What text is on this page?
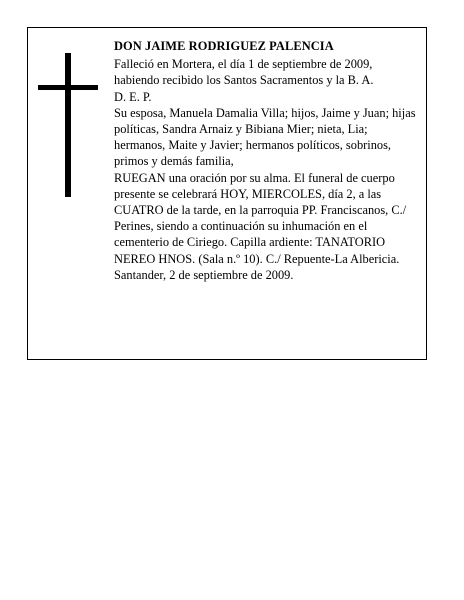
DON JAIME RODRIGUEZ PALENCIA

Falleció en Mortera, el día 1 de septiembre de 2009, habiendo recibido los Santos Sacramentos y la B. A.

D. E. P.

Su esposa, Manuela Damalia Villa; hijos, Jaime y Juan; hijas políticas, Sandra Arnaiz y Bibiana Mier; nieta, Lia; hermanos, Maite y Javier; hermanos políticos, sobrinos, primos y demás familia,

RUEGAN una oración por su alma. El funeral de cuerpo presente se celebrará HOY, MIERCOLES, día 2, a las CUATRO de la tarde, en la parroquia PP. Franciscanos, C./ Perines, siendo a continuación su inhumación en el cementerio de Ciriego. Capilla ardiente: TANATORIO NEREO HNOS. (Sala n.º 10). C./ Repuente-La Albericia.

Santander, 2 de septiembre de 2009.
